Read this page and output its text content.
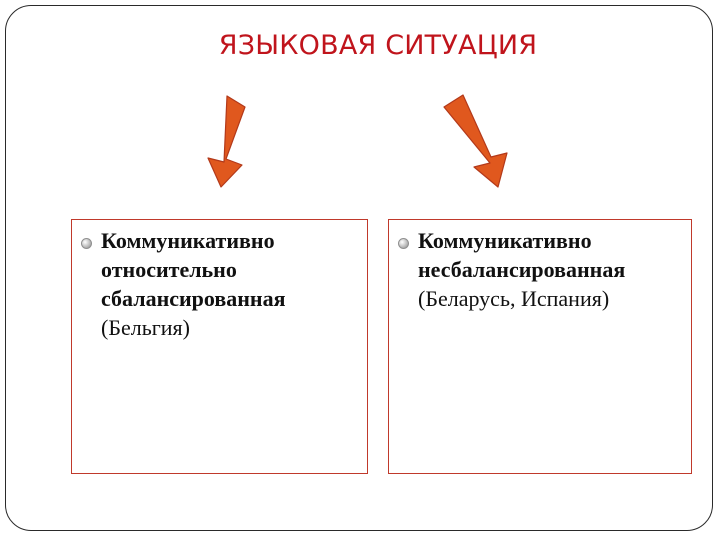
ЯЗЫКОВАЯ СИТУАЦИЯ
Коммуникативно
относительно
сбалансированная
(Бельгия)
Коммуникативно
несбалансированная
(Беларусь, Испания)
